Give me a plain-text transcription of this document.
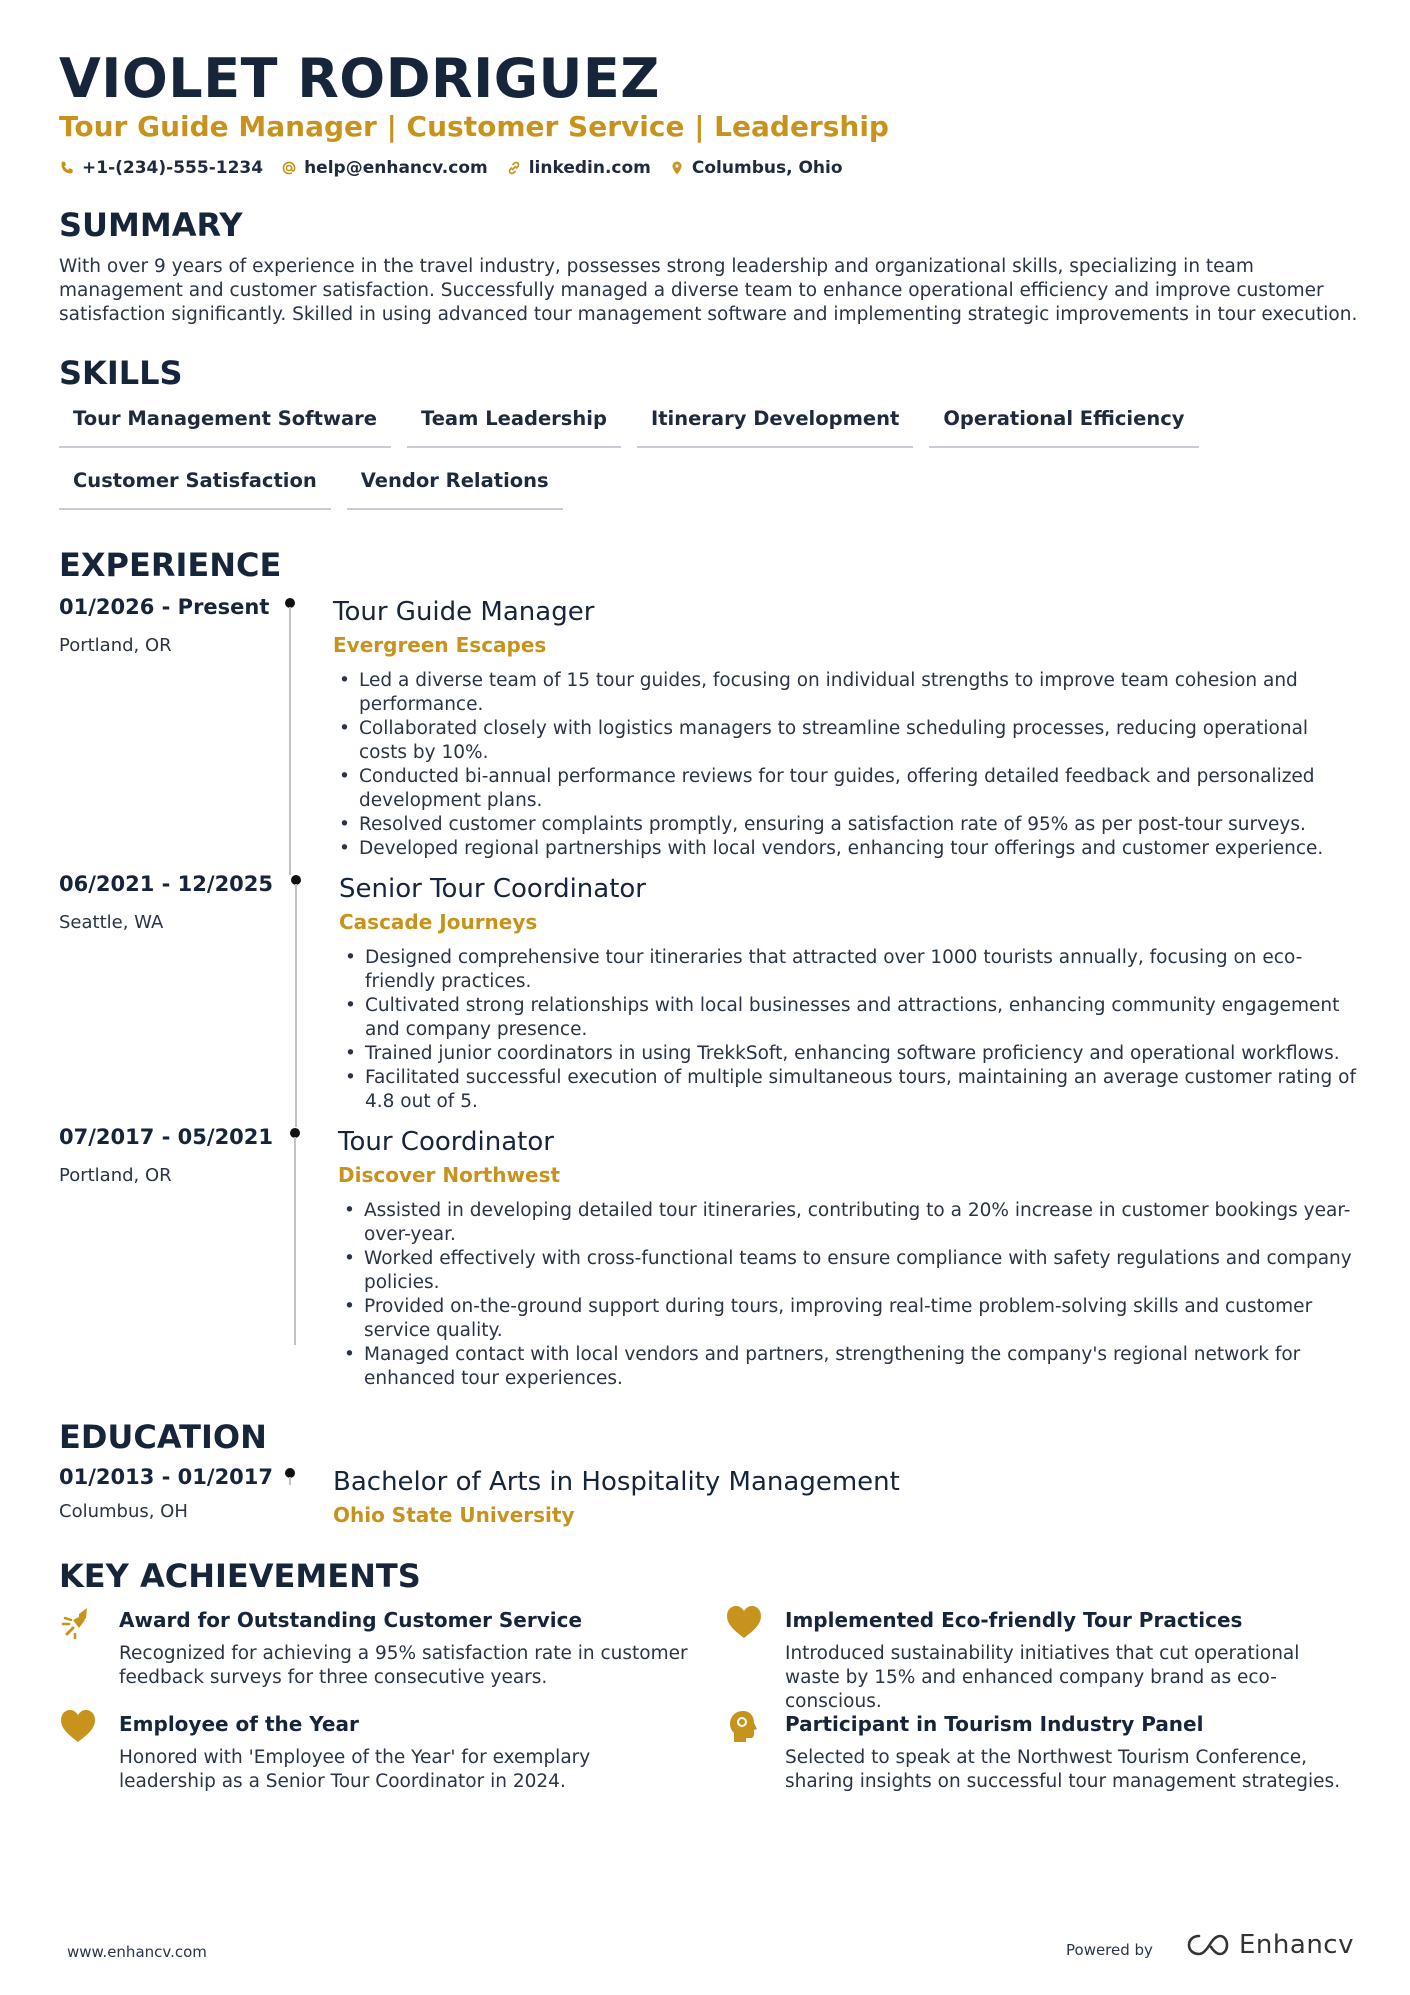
VIOLET RODRIGUEZ
Tour Guide Manager | Customer Service | Leadership
+1-(234)-555-1234 help@enhancv.com linkedin.com Columbus, Ohio
SUMMARY
With over 9 years of experience in the travel industry, possesses strong leadership and organizational skills, specializing in team management and customer satisfaction. Successfully managed a diverse team to enhance operational efficiency and improve customer satisfaction significantly. Skilled in using advanced tour management software and implementing strategic improvements in tour execution.
SKILLS
Tour Management Software	Team Leadership	Itinerary Development	Operational Efficiency
Customer Satisfaction	Vendor Relations
EXPERIENCE
01/2026 - Present
Portland, OR
Tour Guide Manager
Evergreen Escapes
• Led a diverse team of 15 tour guides, focusing on individual strengths to improve team cohesion and performance.
• Collaborated closely with logistics managers to streamline scheduling processes, reducing operational costs by 10%.
• Conducted bi-annual performance reviews for tour guides, offering detailed feedback and personalized development plans.
• Resolved customer complaints promptly, ensuring a satisfaction rate of 95% as per post-tour surveys.
• Developed regional partnerships with local vendors, enhancing tour offerings and customer experience.
06/2021 - 12/2025
Seattle, WA
Senior Tour Coordinator
Cascade Journeys
• Designed comprehensive tour itineraries that attracted over 1000 tourists annually, focusing on eco-friendly practices.
• Cultivated strong relationships with local businesses and attractions, enhancing community engagement and company presence.
• Trained junior coordinators in using TrekkSoft, enhancing software proficiency and operational workflows.
• Facilitated successful execution of multiple simultaneous tours, maintaining an average customer rating of 4.8 out of 5.
07/2017 - 05/2021
Portland, OR
Tour Coordinator
Discover Northwest
• Assisted in developing detailed tour itineraries, contributing to a 20% increase in customer bookings year-over-year.
• Worked effectively with cross-functional teams to ensure compliance with safety regulations and company policies.
• Provided on-the-ground support during tours, improving real-time problem-solving skills and customer service quality.
• Managed contact with local vendors and partners, strengthening the company's regional network for enhanced tour experiences.
EDUCATION
01/2013 - 01/2017
Columbus, OH
Bachelor of Arts in Hospitality Management
Ohio State University
KEY ACHIEVEMENTS
Award for Outstanding Customer Service
Recognized for achieving a 95% satisfaction rate in customer feedback surveys for three consecutive years.
Implemented Eco-friendly Tour Practices
Introduced sustainability initiatives that cut operational waste by 15% and enhanced company brand as eco-conscious.
Employee of the Year
Honored with 'Employee of the Year' for exemplary leadership as a Senior Tour Coordinator in 2024.
Participant in Tourism Industry Panel
Selected to speak at the Northwest Tourism Conference, sharing insights on successful tour management strategies.
www.enhancv.com	Powered by	Enhancv
